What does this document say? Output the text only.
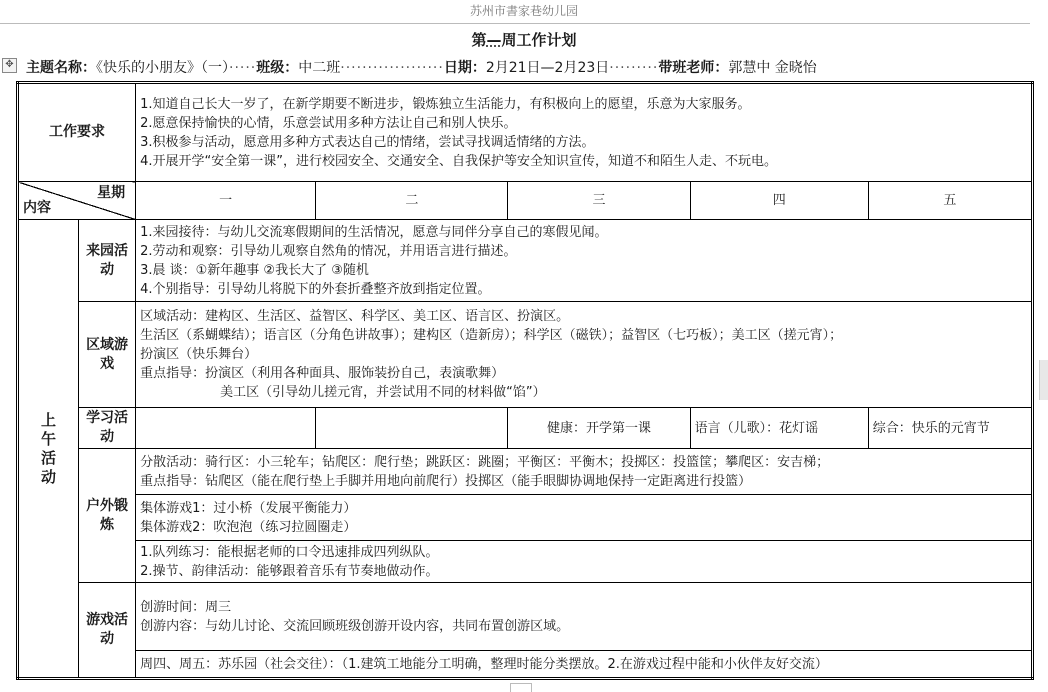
苏州市書家巷幼儿园
第—周工作计划
✥ 主题名称：《快乐的小朋友》（一）·····班级：中二班···················日期：2月21日—2月23日·········带班老师：郭慧中 金晓怡
工作要求		1.知道自己长大一岁了，在新学期要不断进步，锻炼独立生活能力，有积极向上的愿望，乐意为大家服务。
2.愿意保持愉快的心情，乐意尝试用多种方法让自己和别人快乐。
3.积极参与活动，愿意用多种方式表达自己的情绪，尝试寻找调适情绪的方法。
4.开展开学“安全第一课”，进行校园安全、交通安全、自我保护等安全知识宣传，知道不和陌生人走、不玩电。				

星期
内容		一	二	三	四	五

上
午
活
动	来园活动	1.来园接待：与幼儿交流寒假期间的生活情况，愿意与同伴分享自己的寒假见闻。
2.劳动和观察：引导幼儿观察自然角的情况，并用语言进行描述。
3.晨 谈：①新年趣事 ②我长大了 ③随机
4.个别指导：引导幼儿将脱下的外套折叠整齐放到指定位置。				

	区域游戏	区域活动：建构区、生活区、益智区、科学区、美工区、语言区、扮演区。
生活区（系蝴蝶结）；语言区（分角色讲故事）；建构区（造新房）；科学区（磁铁）；益智区（七巧板）；美工区（搓元宵）；
扮演区（快乐舞台）
重点指导：扮演区（利用各种面具、服饰装扮自己，表演歌舞）
美工区（引导幼儿搓元宵，并尝试用不同的材料做“馅”）				

	学习活动			健康：开学第一课	语言（儿歌）：花灯谣	综合：快乐的元宵节
	户外锻炼	分散活动：骑行区：小三轮车；钻爬区：爬行垫；跳跃区：跳圈；平衡区：平衡木；投掷区：投篮筐；攀爬区：安吉梯；
重点指导：钻爬区（能在爬行垫上手脚并用地向前爬行）投掷区（能手眼脚协调地保持一定距离进行投篮）				

		集体游戏1：过小桥（发展平衡能力）
集体游戏2：吹泡泡（练习拉圆圈走）				

		1.队列练习：能根据老师的口令迅速排成四列纵队。
2.操节、韵律活动：能够跟着音乐有节奏地做动作。				

	游戏活动	创游时间：周三
创游内容：与幼儿讨论、交流回顾班级创游开设内容，共同布置创游区域。				

		周四、周五：苏乐园（社会交往）：（1.建筑工地能分工明确，整理时能分类摆放。2.在游戏过程中能和小伙伴友好交流）				
